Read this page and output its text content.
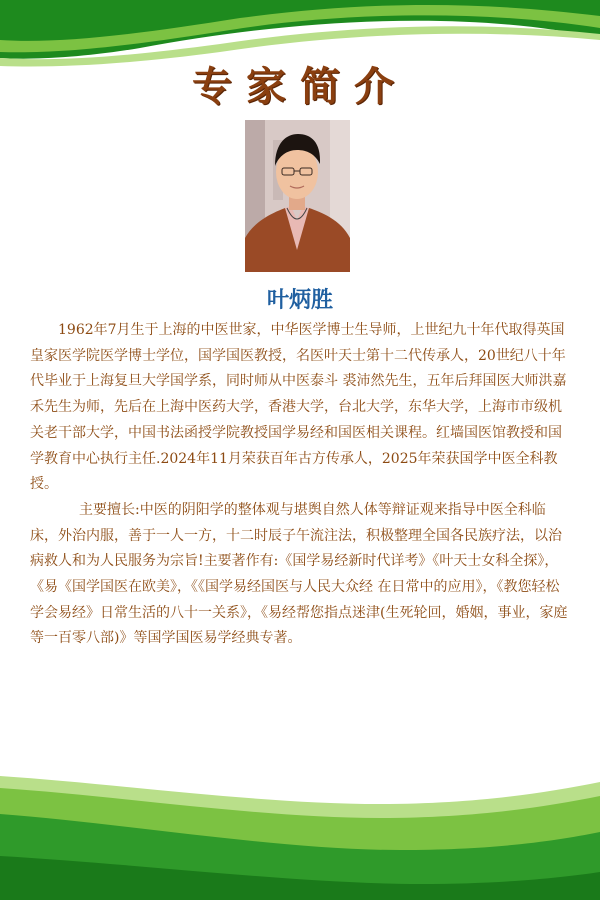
专家简介
叶炳胜

1962年7月生于上海的中医世家，中华医学博士生导师，上世纪九十年代取得英国皇家医学院医学博士学位，国学国医教授，名医叶天士第十二代传承人，20世纪八十年代毕业于上海复旦大学国学系，同时师从中医泰斗 裘沛然先生，五年后拜国医大师洪嘉禾先生为师，先后在上海中医药大学，香港大学，台北大学，东华大学，上海市市级机关老干部大学，中国书法函授学院教授国学易经和国医相关课程。红墙国医馆教授和国学教育中心执行主任.2024年11月荣获百年古方传承人，2025年荣获国学中医全科教授。

主要擅长:中医的阴阳学的整体观与堪舆自然人体等辩证观来指导中医全科临床，外治内服，善于一人一方，十二时辰子午流注法，积极整理全国各民族疗法，以治病救人和为人民服务为宗旨!主要著作有:《国学易经新时代详考》《叶天士女科全探》，《易《国学国医在欧美》，《《国学易经国医与人民大众经 在日常中的应用》，《教您轻松学会易经》日常生活的八十一关系》，《易经帮您指点迷津(生死轮回，婚姻，事业，家庭等一百零八部)》等国学国医易学经典专著。
